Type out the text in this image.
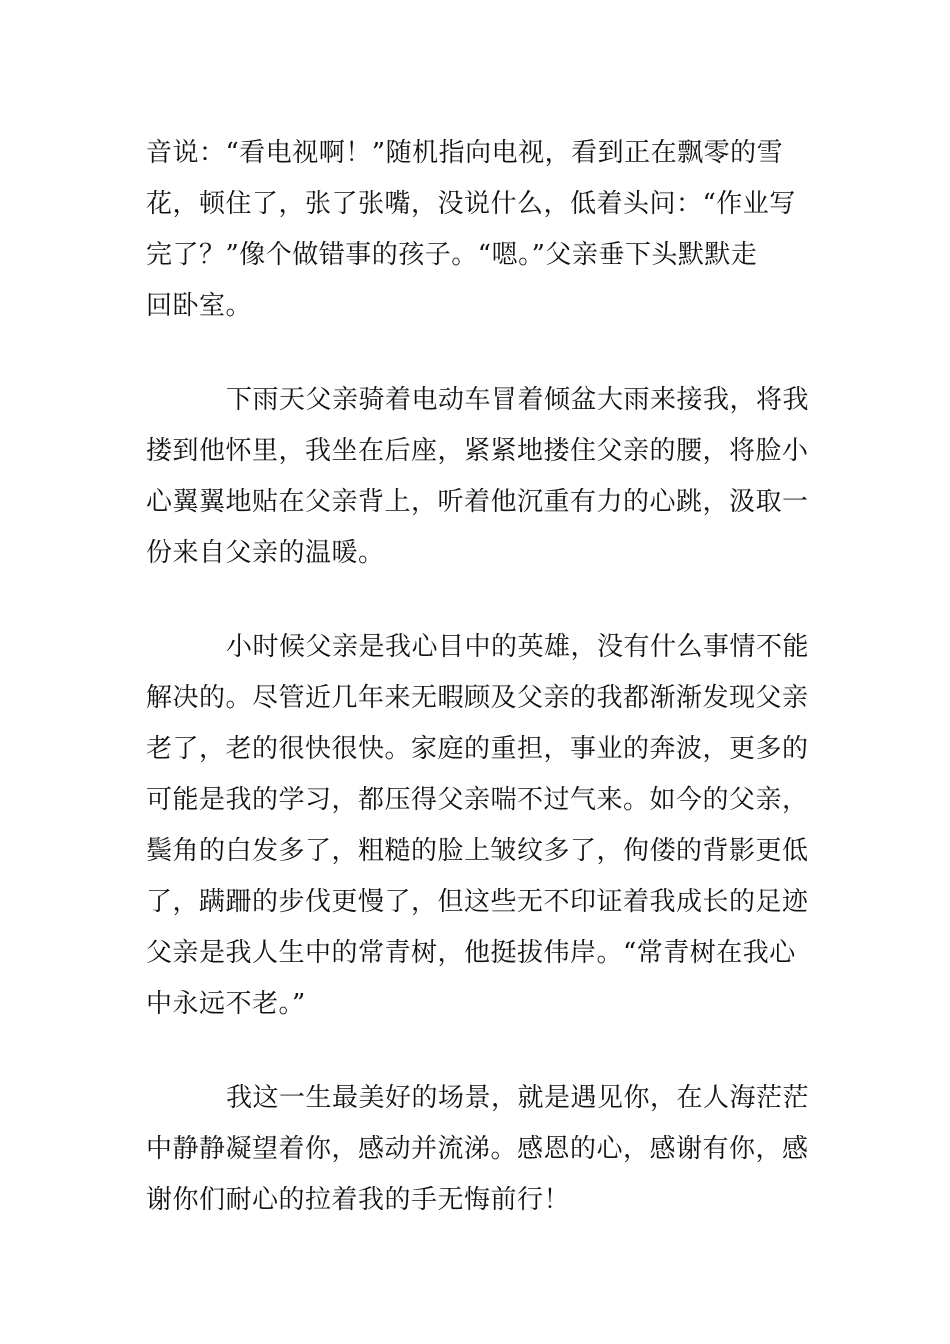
音说：“看电视啊！”随机指向电视，看到正在飘零的雪
花，顿住了，张了张嘴，没说什么，低着头问：“作业写
完了？”像个做错事的孩子。“嗯。”父亲垂下头默默走
回卧室。
下雨天父亲骑着电动车冒着倾盆大雨来接我，将我
搂到他怀里，我坐在后座，紧紧地搂住父亲的腰，将脸小
心翼翼地贴在父亲背上，听着他沉重有力的心跳，汲取一
份来自父亲的温暖。
小时候父亲是我心目中的英雄，没有什么事情不能
解决的。尽管近几年来无暇顾及父亲的我都渐渐发现父亲
老了，老的很快很快。家庭的重担，事业的奔波，更多的
可能是我的学习，都压得父亲喘不过气来。如今的父亲，
鬓角的白发多了，粗糙的脸上皱纹多了，佝偻的背影更低
了，蹒跚的步伐更慢了，但这些无不印证着我成长的足迹
父亲是我人生中的常青树，他挺拔伟岸。“常青树在我心
中永远不老。”
我这一生最美好的场景，就是遇见你，在人海茫茫
中静静凝望着你，感动并流涕。感恩的心，感谢有你，感
谢你们耐心的拉着我的手无悔前行！
